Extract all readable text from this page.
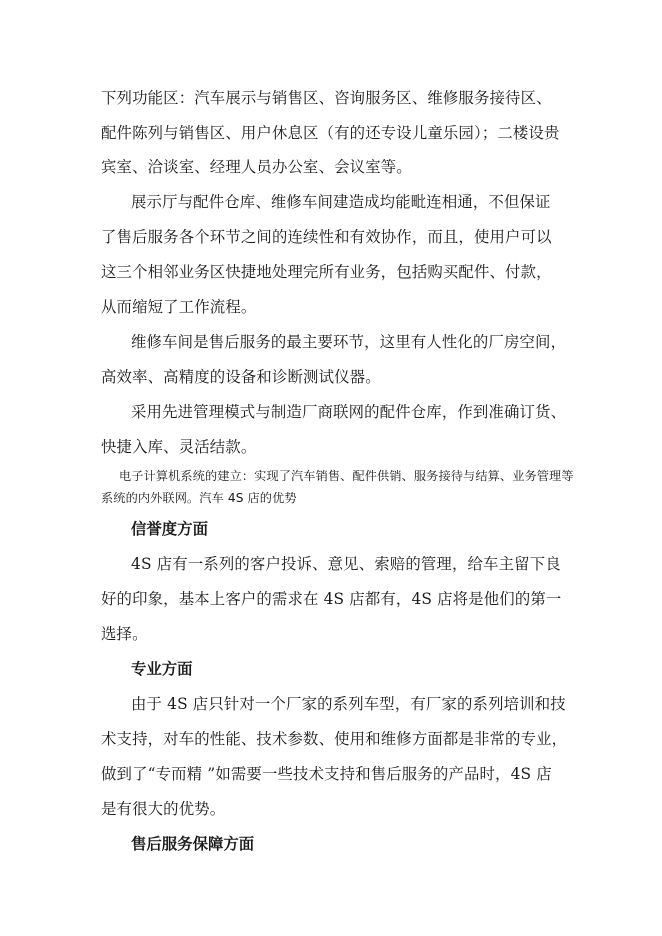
下列功能区：汽车展示与销售区、咨询服务区、维修服务接待区、
配件陈列与销售区、用户休息区（有的还专设儿童乐园）；二楼设贵
宾室、洽谈室、经理人员办公室、会议室等。
展示厅与配件仓库、维修车间建造成均能毗连相通，不但保证
了售后服务各个环节之间的连续性和有效协作，而且，使用户可以
这三个相邻业务区快捷地处理完所有业务，包括购买配件、付款，
从而缩短了工作流程。
维修车间是售后服务的最主要环节，这里有人性化的厂房空间，
高效率、高精度的设备和诊断测试仪器。
采用先进管理模式与制造厂商联网的配件仓库，作到准确订货、
快捷入库、灵活结款。
电子计算机系统的建立：实现了汽车销售、配件供销、服务接待与结算、业务管理等
系统的内外联网。汽车 4S 店的优势
信誉度方面
4S 店有一系列的客户投诉、意见、索赔的管理，给车主留下良
好的印象，基本上客户的需求在 4S 店都有，4S 店将是他们的第一
选择。
专业方面
由于 4S 店只针对一个厂家的系列车型，有厂家的系列培训和技
术支持，对车的性能、技术参数、使用和维修方面都是非常的专业，
做到了“专而精 ”如需要一些技术支持和售后服务的产品时，4S 店
是有很大的优势。
售后服务保障方面
